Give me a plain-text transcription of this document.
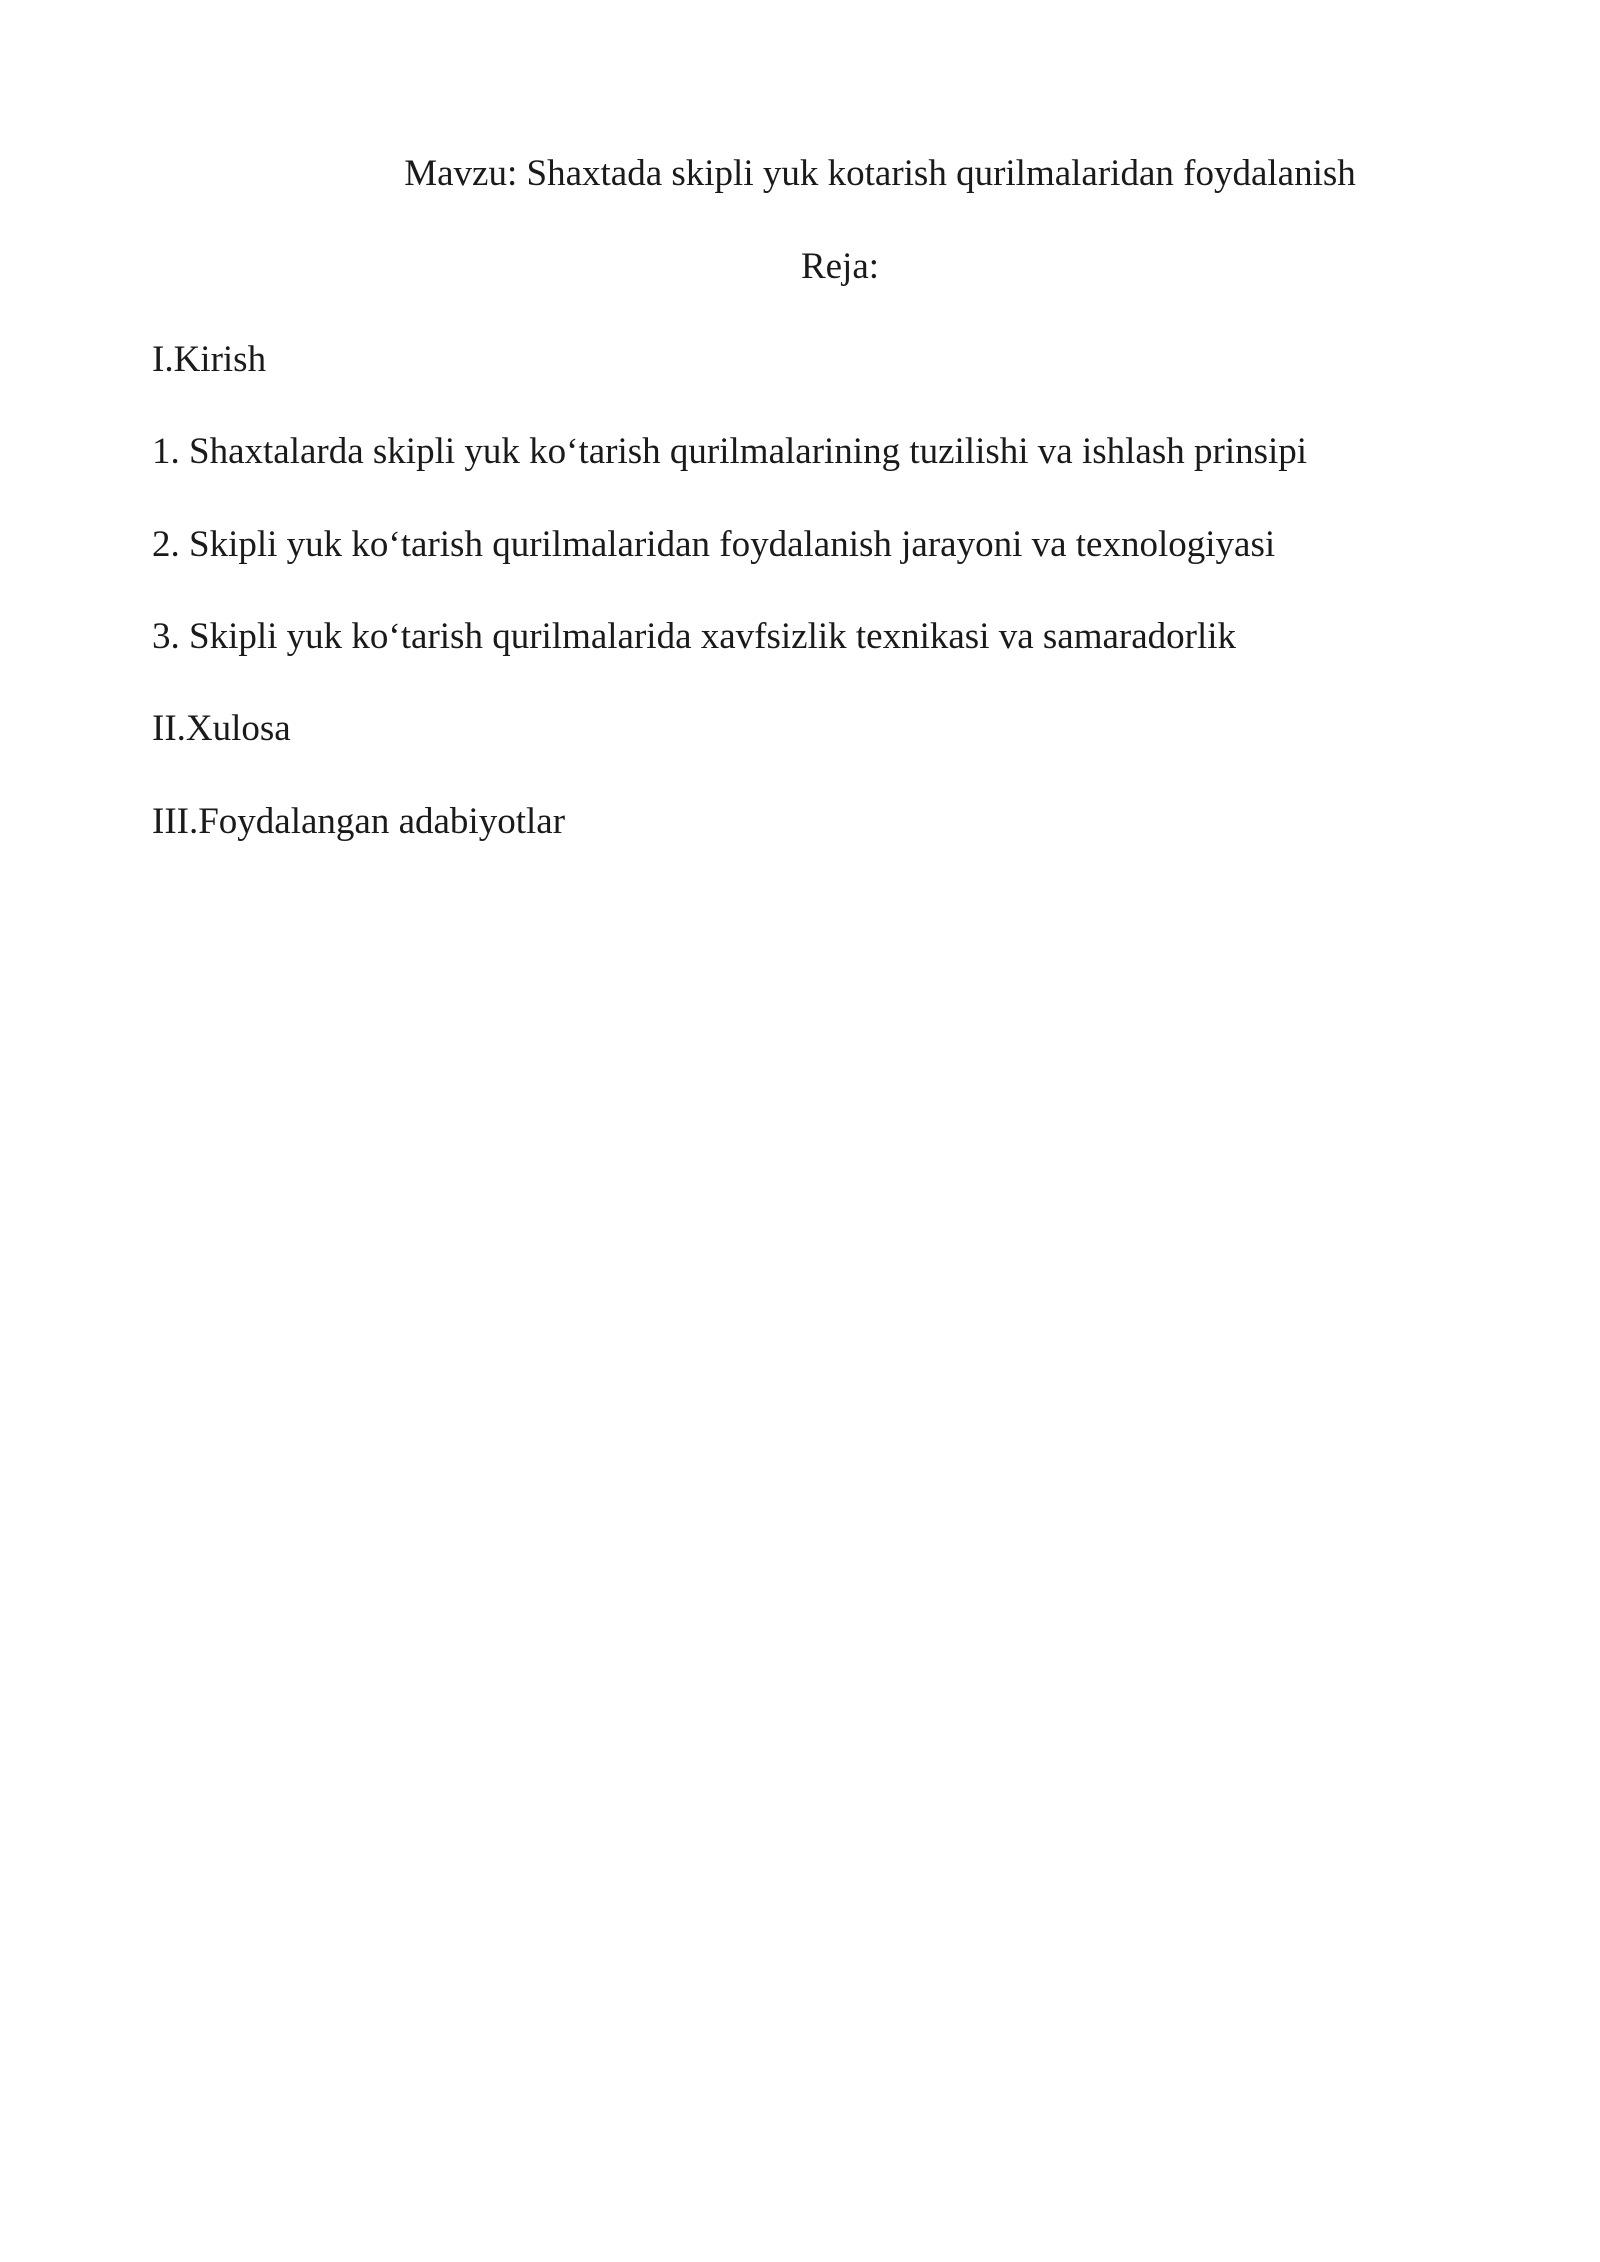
Mavzu: Shaxtada skipli yuk kotarish qurilmalaridan foydalanish
Reja:

I.Kirish

1. Shaxtalarda skipli yuk ko‘tarish qurilmalarining tuzilishi va ishlash prinsipi

2. Skipli yuk ko‘tarish qurilmalaridan foydalanish jarayoni va texnologiyasi

3. Skipli yuk ko‘tarish qurilmalarida xavfsizlik texnikasi va samaradorlik

II.Xulosa

III.Foydalangan adabiyotlar
